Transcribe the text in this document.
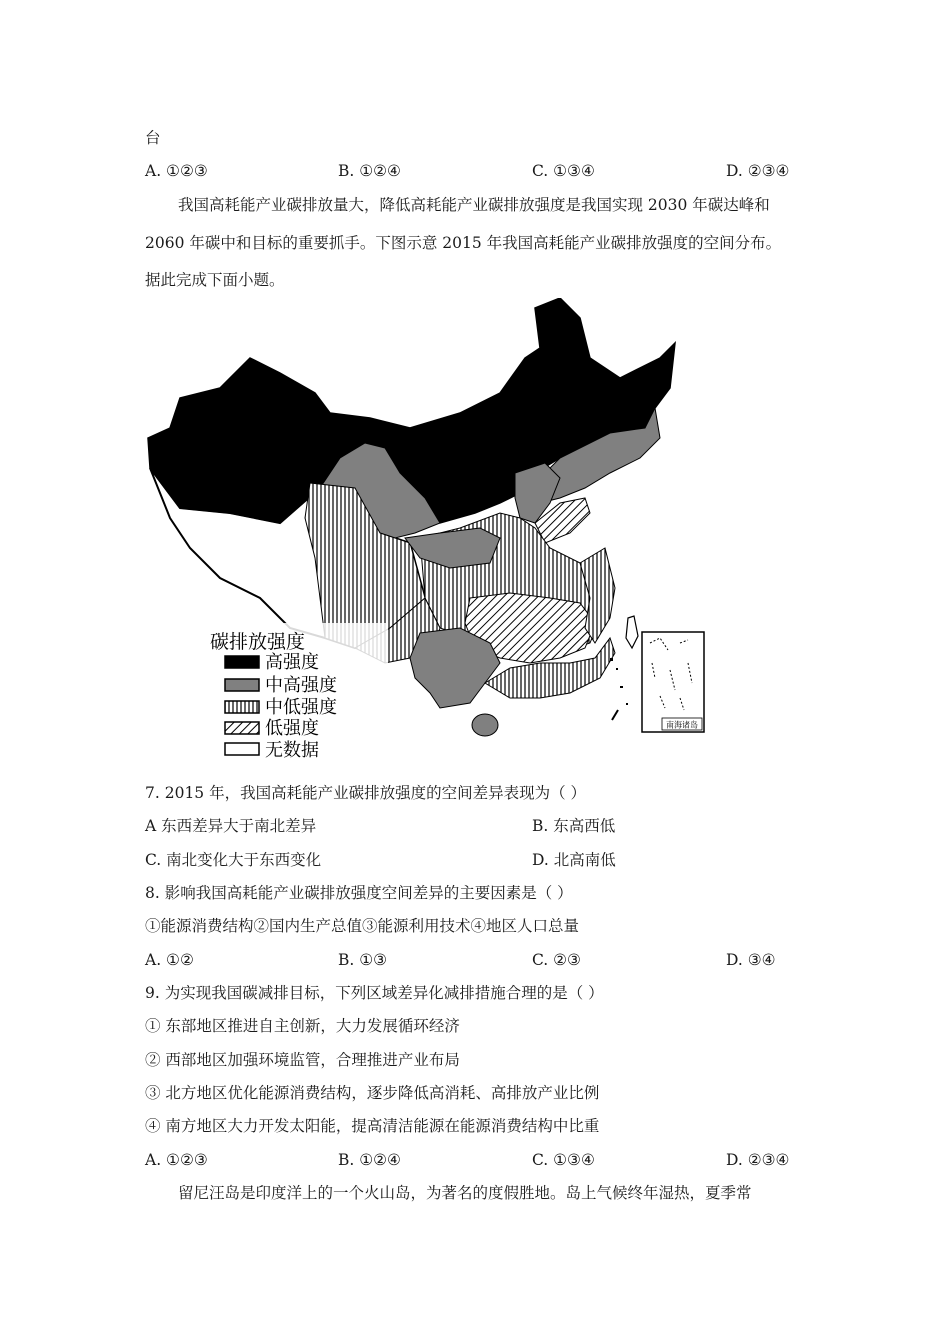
台
A. ①②③	B. ①②④	C. ①③④	D. ②③④
我国高耗能产业碳排放量大，降低高耗能产业碳排放强度是我国实现 2030 年碳达峰和
2060 年碳中和目标的重要抓手。下图示意 2015 年我国高耗能产业碳排放强度的空间分布。
据此完成下面小题。
南海诸岛
碳排放强度
高强度
中高强度
中低强度
低强度
无数据
7. 2015 年，我国高耗能产业碳排放强度的空间差异表现为（ ）
A 东西差异大于南北差异	B. 东高西低
C. 南北变化大于东西变化	D. 北高南低
8. 影响我国高耗能产业碳排放强度空间差异的主要因素是（ ）
①能源消费结构②国内生产总值③能源利用技术④地区人口总量
A. ①②	B. ①③	C. ②③	D. ③④
9. 为实现我国碳减排目标，下列区域差异化减排措施合理的是（ ）
① 东部地区推进自主创新，大力发展循环经济
② 西部地区加强环境监管，合理推进产业布局
③ 北方地区优化能源消费结构，逐步降低高消耗、高排放产业比例
④ 南方地区大力开发太阳能，提高清洁能源在能源消费结构中比重
A. ①②③	B. ①②④	C. ①③④	D. ②③④
留尼汪岛是印度洋上的一个火山岛，为著名的度假胜地。岛上气候终年湿热，夏季常
